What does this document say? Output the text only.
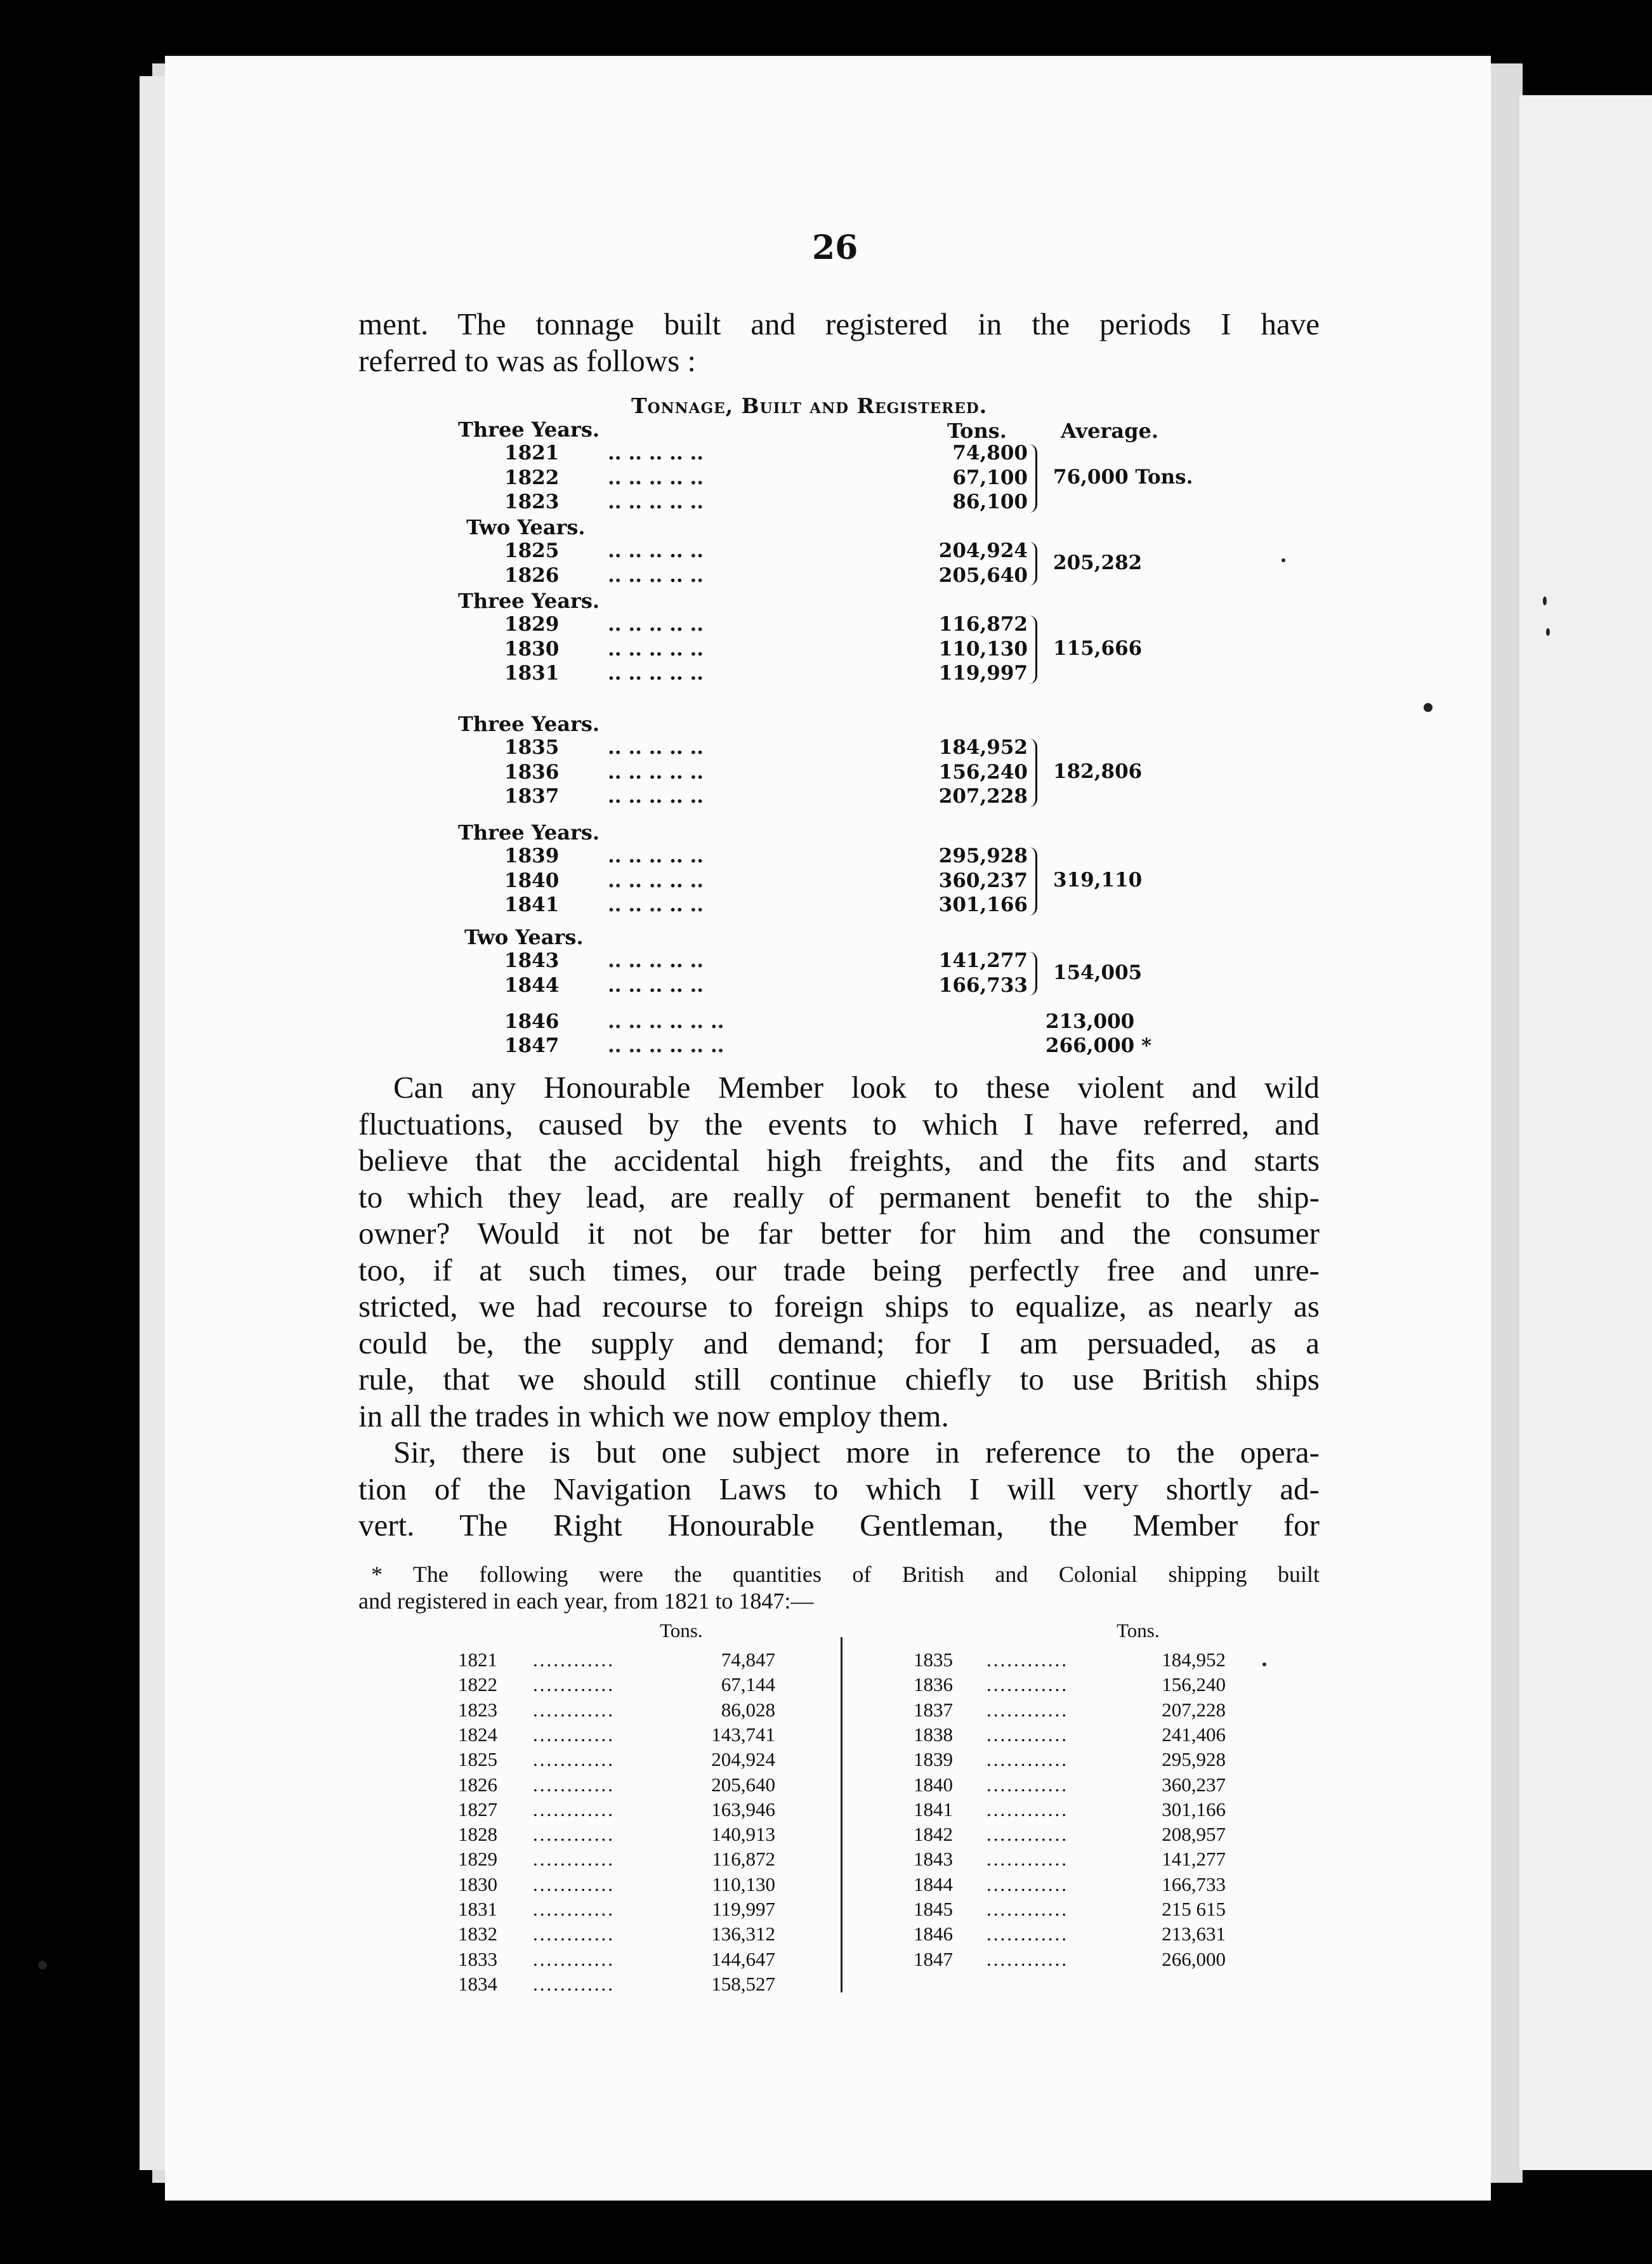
26
ment. The tonnage built and registered in the periods I have
referred to was as follows :
Tonnage, Built and Registered.
Tons.	Average.
Three Years.
1821 .. .. .. .. ..	74,800
1822 .. .. .. .. ..	67,100
1823 .. .. .. .. ..	86,100
76,000 Tons.
Two Years.
1825 .. .. .. .. ..	204,924
1826 .. .. .. .. ..	205,640
205,282
Three Years.
1829 .. .. .. .. ..	116,872
1830 .. .. .. .. ..	110,130
1831 .. .. .. .. ..	119,997
115,666
Three Years.
1835 .. .. .. .. ..	184,952
1836 .. .. .. .. ..	156,240
1837 .. .. .. .. ..	207,228
182,806
Three Years.
1839 .. .. .. .. ..	295,928
1840 .. .. .. .. ..	360,237
1841 .. .. .. .. ..	301,166
319,110
Two Years.
1843 .. .. .. .. ..	141,277
1844 .. .. .. .. ..	166,733
154,005
1846 .. .. .. .. .. ..	213,000
1847 .. .. .. .. .. ..	266,000 *
Can any Honourable Member look to these violent and wild
fluctuations, caused by the events to which I have referred, and
believe that the accidental high freights, and the fits and starts
to which they lead, are really of permanent benefit to the ship-
owner? Would it not be far better for him and the consumer
too, if at such times, our trade being perfectly free and unre-
stricted, we had recourse to foreign ships to equalize, as nearly as
could be, the supply and demand; for I am persuaded, as a
rule, that we should still continue chiefly to use British ships
in all the trades in which we now employ them.
Sir, there is but one subject more in reference to the opera-
tion of the Navigation Laws to which I will very shortly ad-
vert. The Right Honourable Gentleman, the Member for
* The following were the quantities of British and Colonial shipping built
and registered in each year, from 1821 to 1847:—
Tons.	Tons.
1821 ............	74,847
1822 ............	67,144
1823 ............	86,028
1824 ............	143,741
1825 ............	204,924
1826 ............	205,640
1827 ............	163,946
1828 ............	140,913
1829 ............	116,872
1830 ............	110,130
1831 ............	119,997
1832 ............	136,312
1833 ............	144,647
1834 ............	158,527
1835 ............	184,952
1836 ............	156,240
1837 ............	207,228
1838 ............	241,406
1839 ............	295,928
1840 ............	360,237
1841 ............	301,166
1842 ............	208,957
1843 ............	141,277
1844 ............	166,733
1845 ............	215 615
1846 ............	213,631
1847 ............	266,000
